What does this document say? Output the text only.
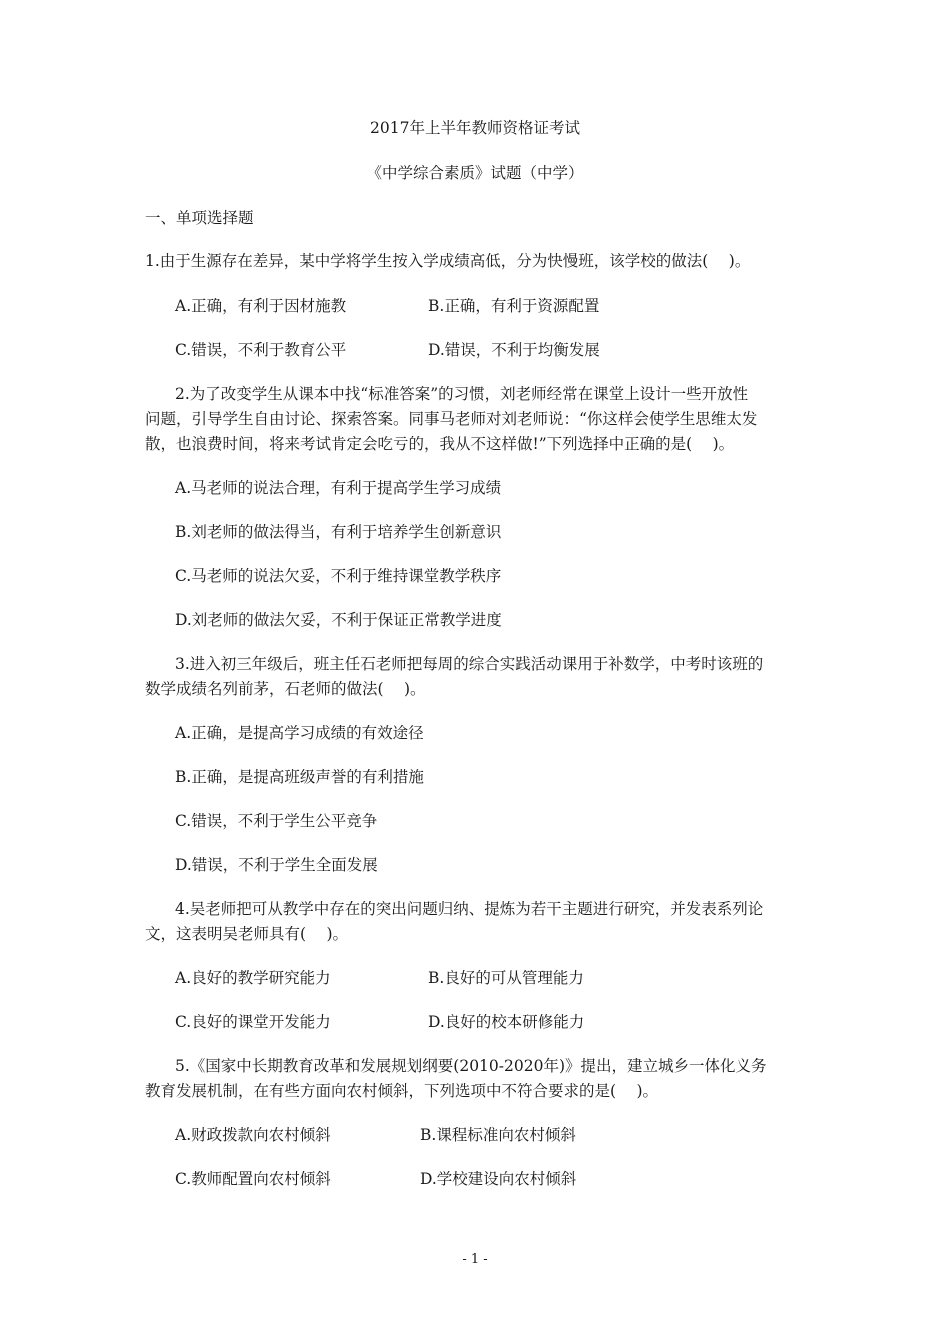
2017年上半年教师资格证考试
《中学综合素质》试题（中学）
一、单项选择题
1.由于生源存在差异，某中学将学生按入学成绩高低，分为快慢班，该学校的做法(　 )。
A.正确，有利于因材施教	B.正确，有利于资源配置
C.错误，不利于教育公平	D.错误，不利于均衡发展
2.为了改变学生从课本中找“标准答案”的习惯，刘老师经常在课堂上设计一些开放性
问题，引导学生自由讨论、探索答案。同事马老师对刘老师说：“你这样会使学生思维太发
散，也浪费时间，将来考试肯定会吃亏的，我从不这样做!”下列选择中正确的是(　 )。
A.马老师的说法合理，有利于提高学生学习成绩
B.刘老师的做法得当，有利于培养学生创新意识
C.马老师的说法欠妥，不利于维持课堂教学秩序
D.刘老师的做法欠妥，不利于保证正常教学进度
3.进入初三年级后，班主任石老师把每周的综合实践活动课用于补数学，中考时该班的
数学成绩名列前茅，石老师的做法(　 )。
A.正确，是提高学习成绩的有效途径
B.正确，是提高班级声誉的有利措施
C.错误，不利于学生公平竞争
D.错误，不利于学生全面发展
4.吴老师把可从教学中存在的突出问题归纳、提炼为若干主题进行研究，并发表系列论
文，这表明吴老师具有(　 )。
A.良好的教学研究能力	B.良好的可从管理能力
C.良好的课堂开发能力	D.良好的校本研修能力
5.《国家中长期教育改革和发展规划纲要(2010-2020年)》提出，建立城乡一体化义务
教育发展机制，在有些方面向农村倾斜，下列选项中不符合要求的是(　 )。
A.财政拨款向农村倾斜	B.课程标准向农村倾斜
C.教师配置向农村倾斜	D.学校建设向农村倾斜
- 1 -
